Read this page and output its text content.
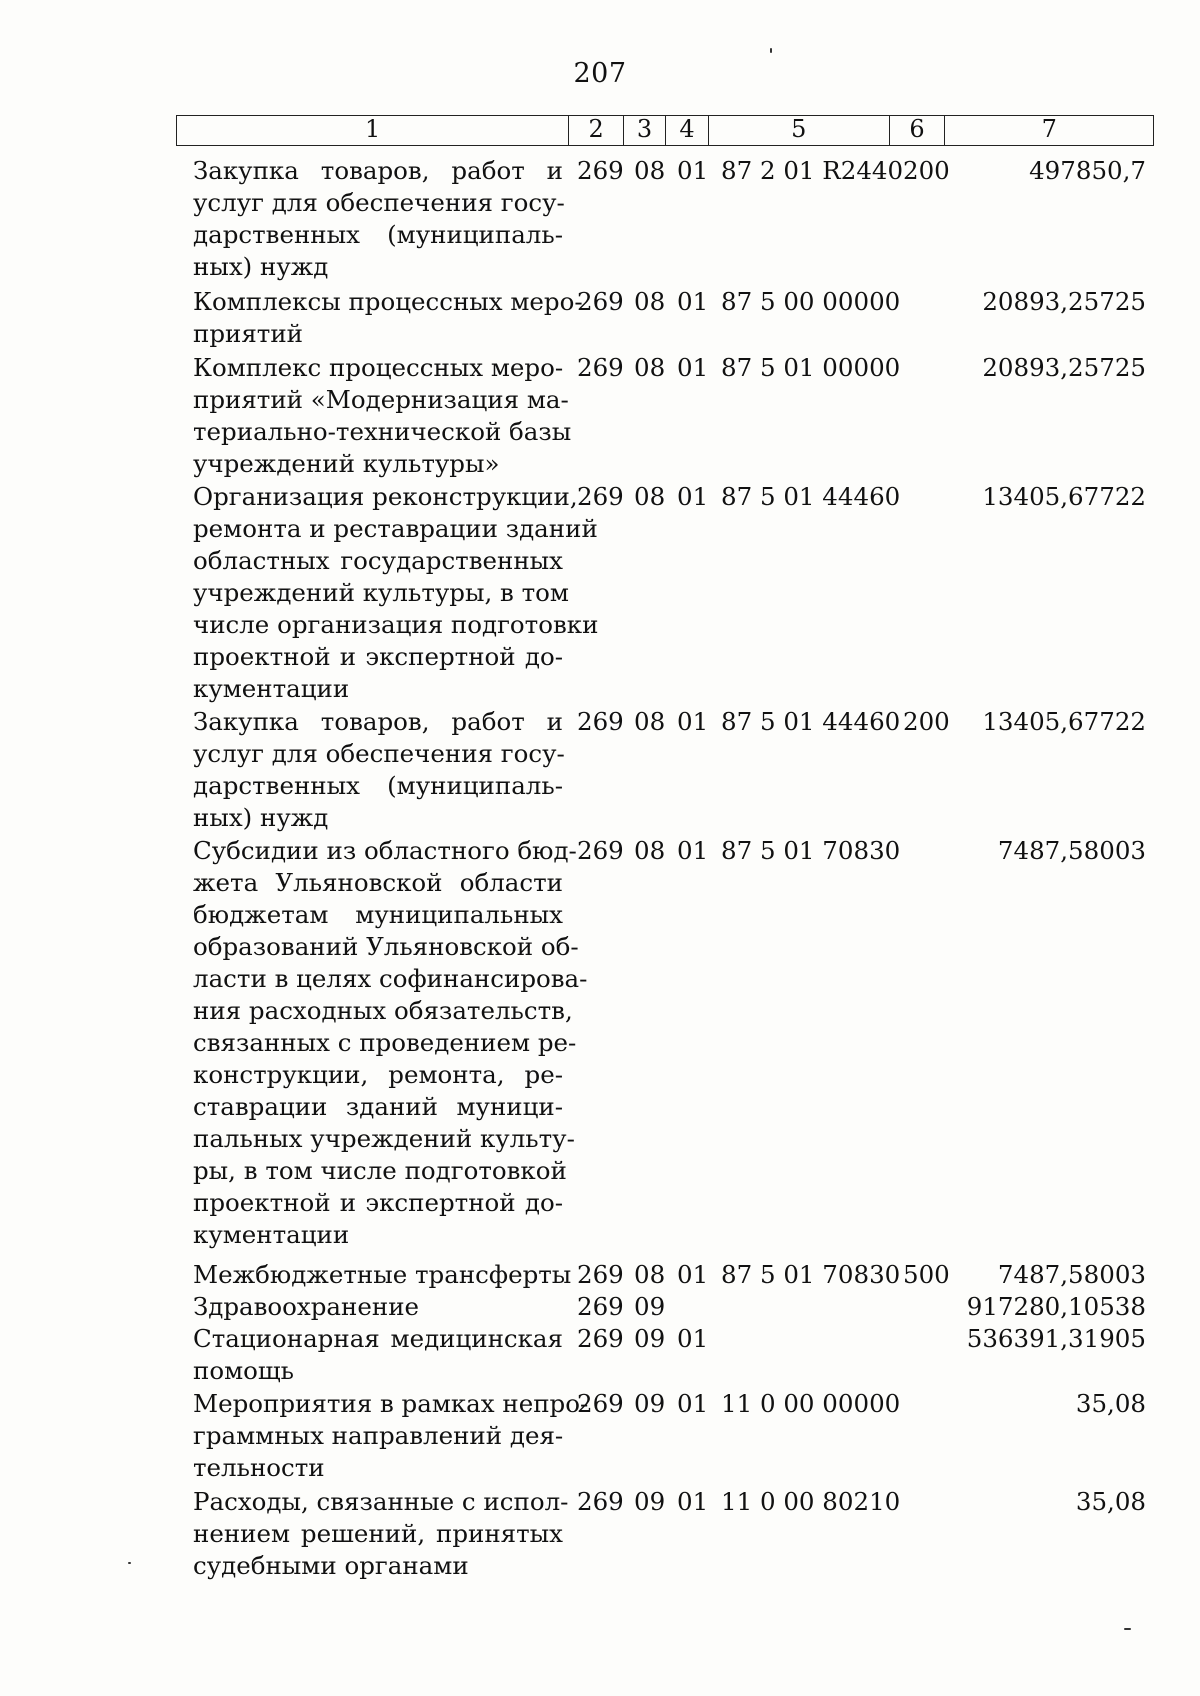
207
1	2	3	4	5	6	7
Закупка товаров, работ и
услуг для обеспечения госу-
дарственных (муниципаль-
ных) нужд
269 08 01 87 2 01 R2440 200	497850,7
Комплексы процессных меро-
приятий
269 08 01 87 5 00 00000	20893,25725
Комплекс процессных меро-
приятий «Модернизация ма-
териально-технической базы
учреждений культуры»
269 08 01 87 5 01 00000	20893,25725
Организация реконструкции,
ремонта и реставрации зданий
областных государственных
учреждений культуры, в том
числе организация подготовки
проектной и экспертной до-
кументации
269 08 01 87 5 01 44460	13405,67722
Закупка товаров, работ и
услуг для обеспечения госу-
дарственных (муниципаль-
ных) нужд
269 08 01 87 5 01 44460 200 13405,67722
Субсидии из областного бюд-
жета Ульяновской области
бюджетам муниципальных
образований Ульяновской об-
ласти в целях софинансирова-
ния расходных обязательств,
связанных с проведением ре-
конструкции, ремонта, ре-
ставрации зданий муници-
пальных учреждений культу-
ры, в том числе подготовкой
проектной и экспертной до-
кументации
269 08 01 87 5 01 70830	7487,58003
Межбюджетные трансферты 269 08 01 87 5 01 70830 500 7487,58003
Здравоохранение	269 09	917280,10538
Стационарная медицинская
помощь
269 09 01	536391,31905
Мероприятия в рамках непро-
граммных направлений дея-
тельности
269 09 01 11 0 00 00000	35,08
Расходы, связанные с испол-
нением решений, принятых
судебными органами
269 09 01 11 0 00 80210	35,08
